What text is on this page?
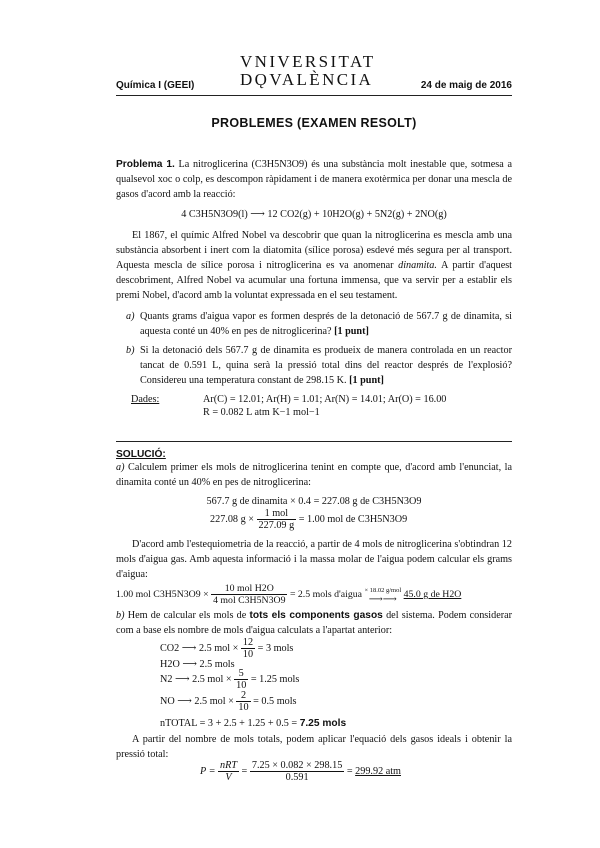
VNIVERSITAT
DǪVALÈNCIA
Química I (GEEI)	24 de maig de 2016
PROBLEMES (EXAMEN RESOLT)
Problema 1. La nitroglicerina (C3H5N3O9) és una substància molt inestable que, sotmesa a qualsevol xoc o colp, es descompon ràpidament i de manera exotèrmica per donar una mescla de gasos d'acord amb la reacció:
4 C3H5N3O9(l) ⟶ 12 CO2(g) + 10H2O(g) + 5N2(g) + 2NO(g)
El 1867, el químic Alfred Nobel va descobrir que quan la nitroglicerina es mescla amb una substància absorbent i inert com la diatomita (sílice porosa) esdevé més segura per al transport. Aquesta mescla de sílice porosa i nitroglicerina es va anomenar dinamita. A partir d'aquest descobriment, Alfred Nobel va acumular una fortuna immensa, que va servir per a establir els premi Nobel, d'acord amb la voluntat expressada en el seu testament.
a) Quants grams d'aigua vapor es formen després de la detonació de 567.7 g de dinamita, si aquesta conté un 40% en pes de nitroglicerina? [1 punt]
b) Si la detonació dels 567.7 g de dinamita es produeix de manera controlada en un reactor tancat de 0.591 L, quina serà la pressió total dins del reactor després de l'explosió? Considereu una temperatura constant de 298.15 K. [1 punt]
Dades:	Ar(C) = 12.01; Ar(H) = 1.01; Ar(N) = 14.01; Ar(O) = 16.00
R = 0.082 L atm K−1 mol−1
SOLUCIÓ:
a) Calculem primer els mols de nitroglicerina tenint en compte que, d'acord amb l'enunciat, la dinamita conté un 40% en pes de nitroglicerina:
567.7 g de dinamita × 0.4 = 227.08 g de C3H5N3O9
227.08 $g \times \frac{\text{1 mol}}{227.09 g} = 1.00$ mol de C3H5N3O9
D'acord amb l'estequiometria de la reacció, a partir de 4 mols de nitroglicerina s'obtindran 12 mols d'aigua gas. Amb aquesta informació i la massa molar de l'aigua podem calcular els grams d'aigua:
1.00 mol $C3H5N3O9 \times \frac{\text{10 mol H2O}}{\text{4 mol C3H5N3O9}} = 2.5$ mols d'aigua × 18.02 g/mol
⟶⟶ 45.0 g de H2O
b) Hem de calcular els mols de tots els components gasos del sistema. Podem considerar com a base els nombre de mols d'aigua calculats a l'apartat anterior:
CO2 ⟶ 2.5 mol × $\frac{12}{10} = 3$ mols
H2O ⟶ 2.5 mols
N2 ⟶ 2.5 mol × $\frac{5}{10} = 1.25$ mols
NO ⟶ 2.5 mol × $\frac{2}{10} = 0.5$ mols
nTOTAL = 3 + 2.5 + 1.25 + 0.5 = 7.25 mols
A partir del nombre de mols totals, podem aplicar l'equació dels gasos ideals i obtenir la pressió total:
$P = \frac{\text{nRT}}{V} = \frac{7.25 \times 0.082 \times 298.15}{0.591} = 299.92$ atm
